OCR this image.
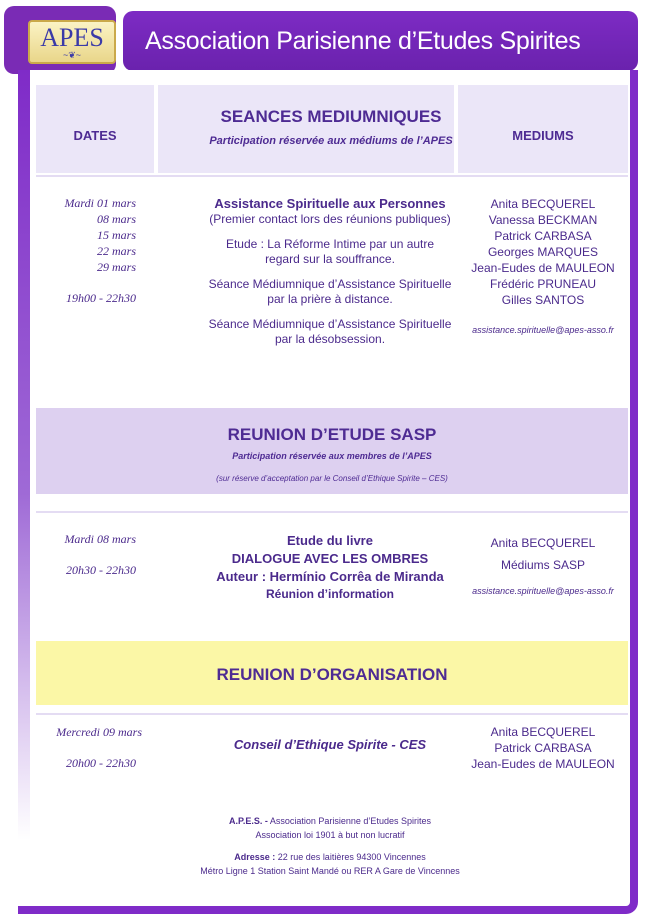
APES
~❦~
Association Parisienne d’Etudes Spirites
DATES
SEANCES MEDIUMNIQUES
Participation réservée aux médiums de l’APES	MEDIUMS
Mardi 01 mars
08 mars
15 mars
22 mars
29 mars
19h00 - 22h30
Assistance Spirituelle aux Personnes
(Premier contact lors des réunions publiques)
Etude : La Réforme Intime par un autre
regard sur la souffrance.
Séance Médiumnique d’Assistance Spirituelle
par la prière à distance.
Séance Médiumnique d’Assistance Spirituelle
par la désobsession.
Anita BECQUEREL
Vanessa BECKMAN
Patrick CARBASA
Georges MARQUES
Jean-Eudes de MAULEON
Frédéric PRUNEAU
Gilles SANTOS
assistance.spirituelle@apes-asso.fr
REUNION D’ETUDE SASP
Participation réservée aux membres de l’APES
(sur réserve d’acceptation par le Conseil d’Ethique Spirite – CES)
Mardi 08 mars
20h30 - 22h30
Etude du livre
DIALOGUE AVEC LES OMBRES
Auteur : Hermínio Corrêa de Miranda
Réunion d’information
Anita BECQUEREL
Médiums SASP
assistance.spirituelle@apes-asso.fr
REUNION D’ORGANISATION
Mercredi 09 mars
20h00 - 22h30
Conseil d’Ethique Spirite - CES
Anita BECQUEREL
Patrick CARBASA
Jean-Eudes de MAULEON
A.P.E.S. - Association Parisienne d’Etudes Spirites
Association loi 1901 à but non lucratif
Adresse : 22 rue des laitières 94300 Vincennes
Métro Ligne 1 Station Saint Mandé ou RER A Gare de Vincennes
